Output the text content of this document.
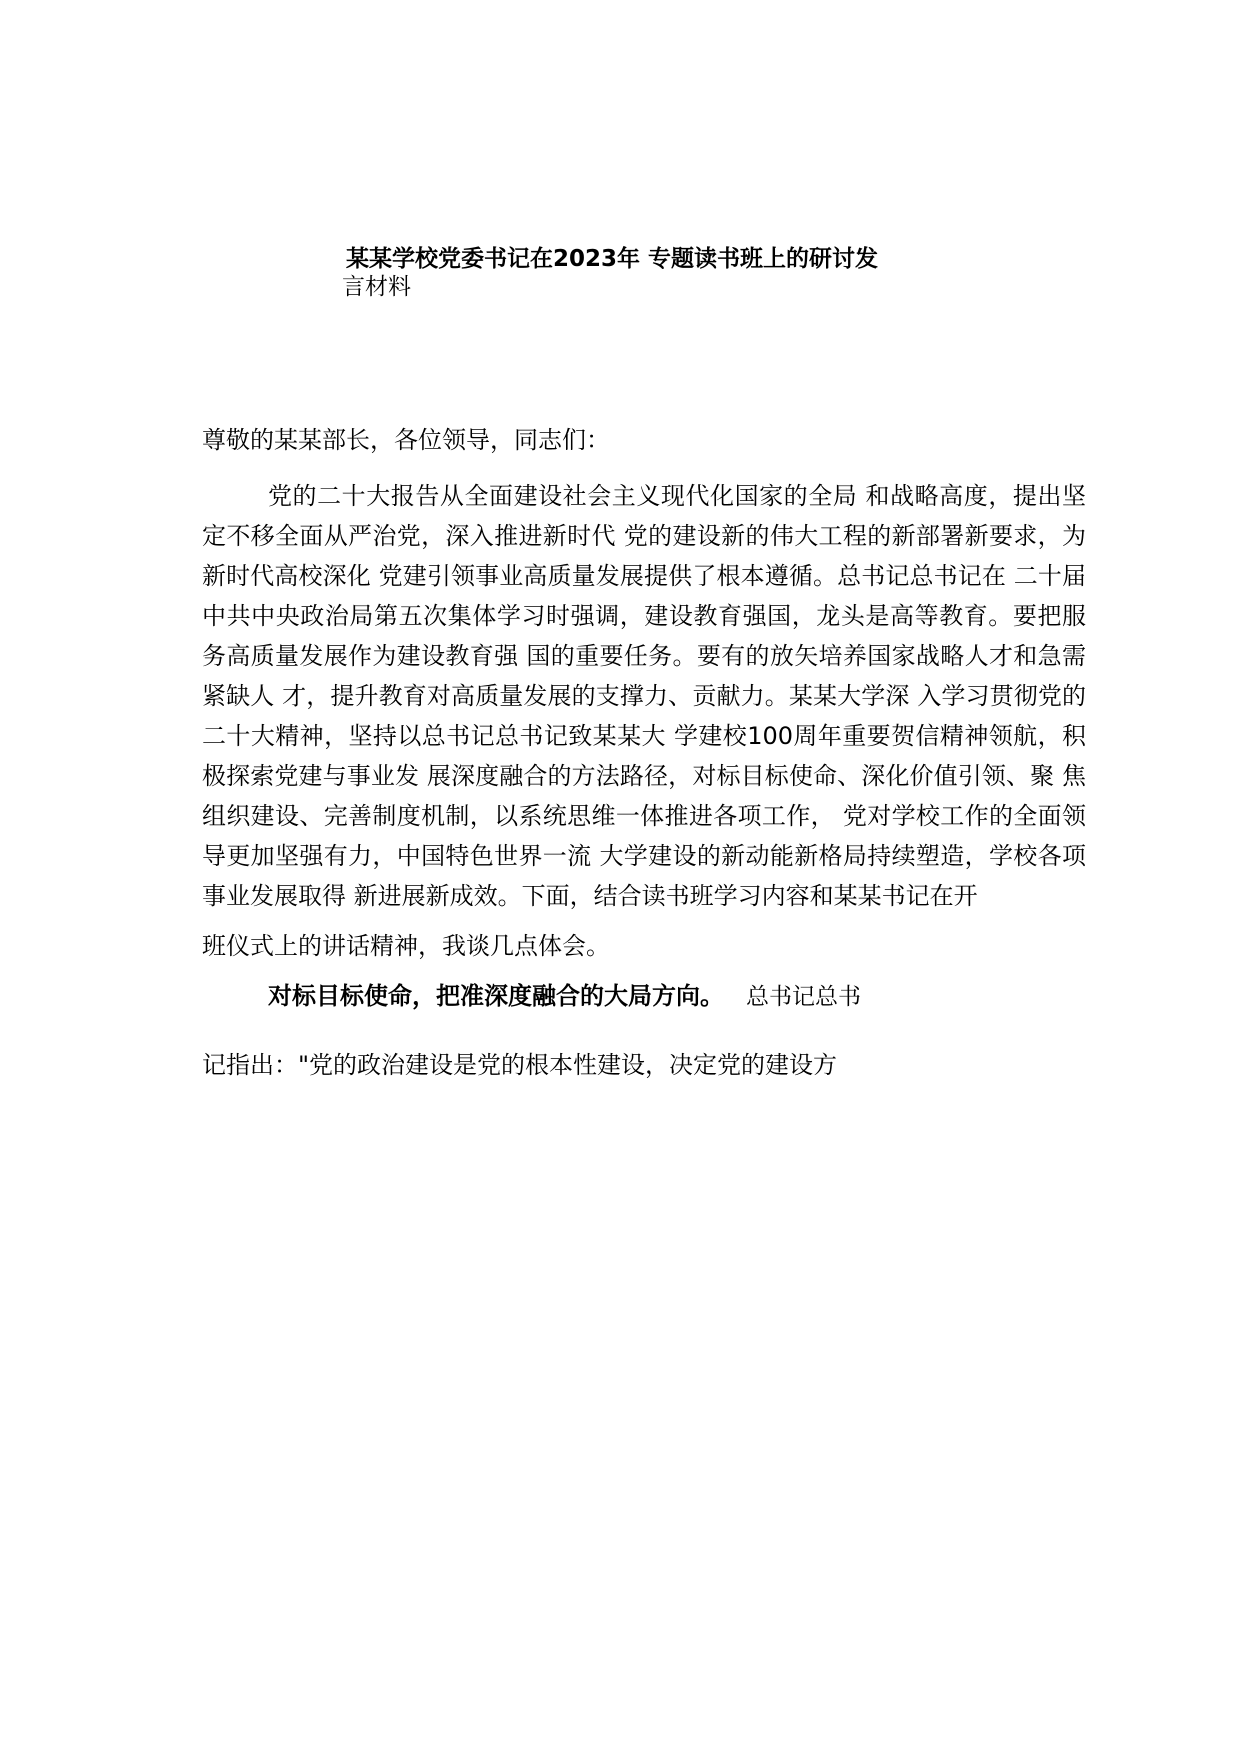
某某学校党委书记在2023年 专题读书班上的研讨发
言材料
尊敬的某某部长，各位领导，同志们：
党的二十大报告从全面建设社会主义现代化国家的全局 和战略高度，提出坚定不移全面从严治党，深入推进新时代 党的建设新的伟大工程的新部署新要求，为新时代高校深化 党建引领事业高质量发展提供了根本遵循。总书记总书记在 二十届中共中央政治局第五次集体学习时强调，建设教育强国，龙头是高等教育。要把服务高质量发展作为建设教育强 国的重要任务。要有的放矢培养国家战略人才和急需紧缺人 才，提升教育对高质量发展的支撑力、贡献力。某某大学深 入学习贯彻党的二十大精神，坚持以总书记总书记致某某大 学建校100周年重要贺信精神领航，积极探索党建与事业发 展深度融合的方法路径，对标目标使命、深化价值引领、聚 焦组织建设、完善制度机制，以系统思维一体推进各项工作， 党对学校工作的全面领导更加坚强有力，中国特色世界一流 大学建设的新动能新格局持续塑造，学校各项事业发展取得 新进展新成效。下面，结合读书班学习内容和某某书记在开
班仪式上的讲话精神，我谈几点体会。
对标目标使命，把准深度融合的大局方向。 总书记总书
记指出："党的政治建设是党的根本性建设，决定党的建设方
